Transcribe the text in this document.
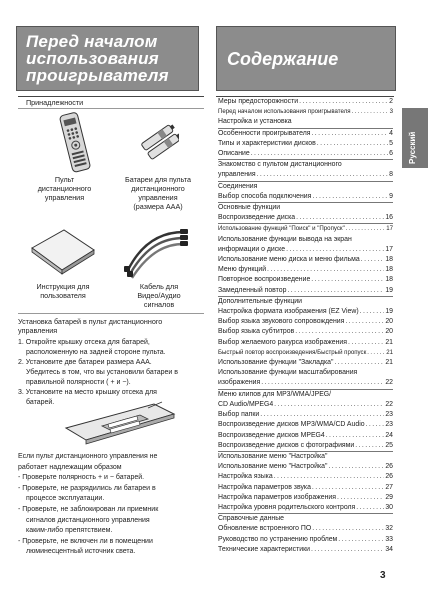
Перед началом
использования
проигрывателя
Содержание
Принадлежности
Пульт
дистанционного
управления
Батареи для пульта
дистанционного
управления
(размера AAA)
Инструкция для
пользователя
Кабель для
Видео/Аудио
сигналов
Установка батарей в пульт дистанционного
управления
1. Откройте крышку отсека для батарей,
расположенную на задней стороне пульта.
2. Установите две батареи размера AAA.
Убедитесь в том, что вы установили батареи в
правильной полярности ( + и −).
3. Установите на место крышку отсека для
батарей.
Если пульт дистанционного управления не
работает надлежащим образом
- Проверьте полярность + и − батарей.
- Проверьте, не разрядились ли батареи в
процессе эксплуатации.
- Проверьте, не заблокирован ли приемник
сигналов дистанционного управления
каким-либо препятствием.
- Проверьте, не включен ли в помещении
люминесцентный источник света.
Меры предосторожности .....	2
Перед началом использования проигрывателя .....	3
Настройка и установка
Особенности проигрывателя .....	4
Типы и характеристики дисков .....	5
Описание .....	6
Знакомство с пультом дистанционного
управления .....	8
Соединения
Выбор способа подключения .....	9
Основные функции
Воспроизведение диска .....	16
Использование функций "Поиск" и "Пропуск" .....	17
Использование функции вывода на экран
информации о диске .....	17
Использование меню диска и меню фильма .....	18
Меню функций .....	18
Повторное воспроизведение .....	18
Замедленный повтор .....	19
Дополнительные функции
Настройка формата изображения (EZ View) .....	19
Выбор языка звукового сопровождения .....	20
Выбор языка субтитров .....	20
Выбор желаемого ракурса изображения .....	21
Быстрый повтор воспроизведения/Быстрый пропуск .....	21
Использование функции "Закладка" .....	21
Использование функции масштабирования
изображения .....	22
Меню клипов для MP3/WMA/JPEG/
CD Audio/MPEG4 .....	22
Выбор папки .....	23
Воспроизведение дисков MP3/WMA/CD Audio .....	23
Воспроизведение дисков MPEG4 .....	24
Воспроизведение дисков с фотографиями .....	25
Использование меню "Настройка"
Использование меню "Настройка" .....	26
Настройка языка .....	26
Настройка параметров звука .....	27
Настройка параметров изображения .....	29
Настройка уровня родительского контроля .....	30
Справочные данные
Обновление встроенного ПО .....	32
Руководство по устранению проблем .....	33
Технические характеристики .....	34
Русский
3
